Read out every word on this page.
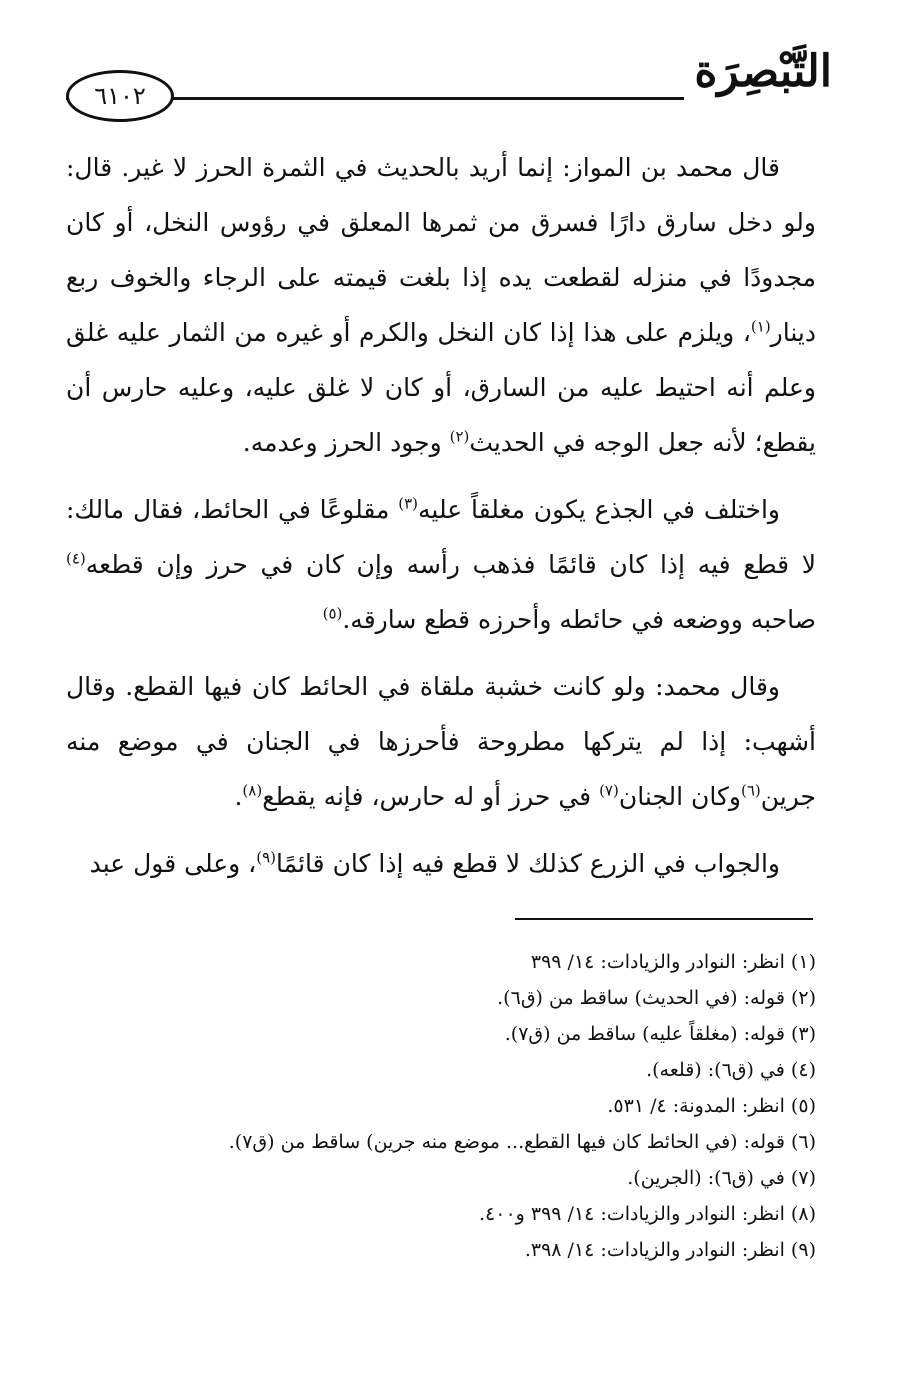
التَّبْصِرَة
٦١٠٢

قال محمد بن المواز: إنما أريد بالحديث في الثمرة الحرز لا غير. قال: ولو دخل سارق دارًا فسرق من ثمرها المعلق في رؤوس النخل، أو كان مجدودًا في منزله لقطعت يده إذا بلغت قيمته على الرجاء والخوف ربع دينار$^{(١)}$، ويلزم على هذا إذا كان النخل والكرم أو غيره من الثمار عليه غلق وعلم أنه احتيط عليه من السارق، أو كان لا غلق عليه، وعليه حارس أن يقطع؛ لأنه جعل الوجه في الحديث$^{(٢)}$ وجود الحرز وعدمه.

واختلف في الجذع يكون مغلقاً عليه$^{(٣)}$ مقلوعًا في الحائط، فقال مالك: لا قطع فيه إذا كان قائمًا فذهب رأسه وإن كان في حرز وإن قطعه$^{(٤)}$ صاحبه ووضعه في حائطه وأحرزه قطع سارقه.$^{(٥)}$

وقال محمد: ولو كانت خشبة ملقاة في الحائط كان فيها القطع. وقال أشهب: إذا لم يتركها مطروحة فأحرزها في الجنان في موضع منه جرين$^{(٦)}$وكان الجنان$^{(٧)}$ في حرز أو له حارس، فإنه يقطع$^{(٨)}$.

والجواب في الزرع كذلك لا قطع فيه إذا كان قائمًا$^{(٩)}$، وعلى قول عبد

(١) انظر: النوادر والزيادات: ١٤/ ٣٩٩
(٢) قوله: (في الحديث) ساقط من (ق٦).
(٣) قوله: (مغلقاً عليه) ساقط من (ق٧).
(٤) في (ق٦): (قلعه).
(٥) انظر: المدونة: ٤/ ٥٣١.
(٦) قوله: (في الحائط كان فيها القطع... موضع منه جرين) ساقط من (ق٧).
(٧) في (ق٦): (الجرين).
(٨) انظر: النوادر والزيادات: ١٤/ ٣٩٩ و٤٠٠.
(٩) انظر: النوادر والزيادات: ١٤/ ٣٩٨.
